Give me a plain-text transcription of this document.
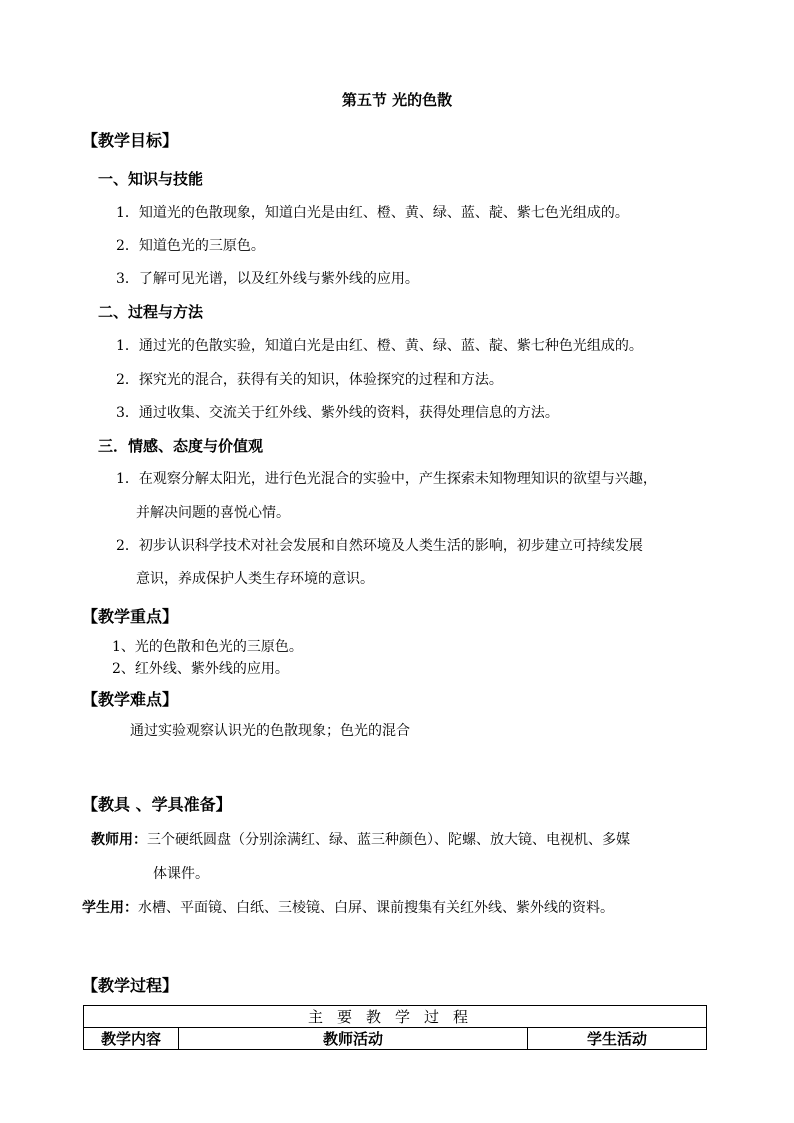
第五节 光的色散
【教学目标】
一、知识与技能
1．知道光的色散现象，知道白光是由红、橙、黄、绿、蓝、靛、紫七色光组成的。
2．知道色光的三原色。
3．了解可见光谱，以及红外线与紫外线的应用。
二、过程与方法
1．通过光的色散实验，知道白光是由红、橙、黄、绿、蓝、靛、紫七种色光组成的。
2．探究光的混合，获得有关的知识，体验探究的过程和方法。
3．通过收集、交流关于红外线、紫外线的资料，获得处理信息的方法。
三．情感、态度与价值观
1．在观察分解太阳光，进行色光混合的实验中，产生探索未知物理知识的欲望与兴趣，
并解决问题的喜悦心情。
2．初步认识科学技术对社会发展和自然环境及人类生活的影响，初步建立可持续发展
意识，养成保护人类生存环境的意识。
【教学重点】
1、光的色散和色光的三原色。
2、红外线、紫外线的应用。
【教学难点】
通过实验观察认识光的色散现象；色光的混合
【教具 、学具准备】
教师用：三个硬纸圆盘（分别涂满红、绿、蓝三种颜色）、陀螺、放大镜、电视机、多媒
体课件。
学生用：水槽、平面镜、白纸、三棱镜、白屏、课前搜集有关红外线、紫外线的资料。
【教学过程】
主要教学过程
教学内容	教师活动	学生活动
